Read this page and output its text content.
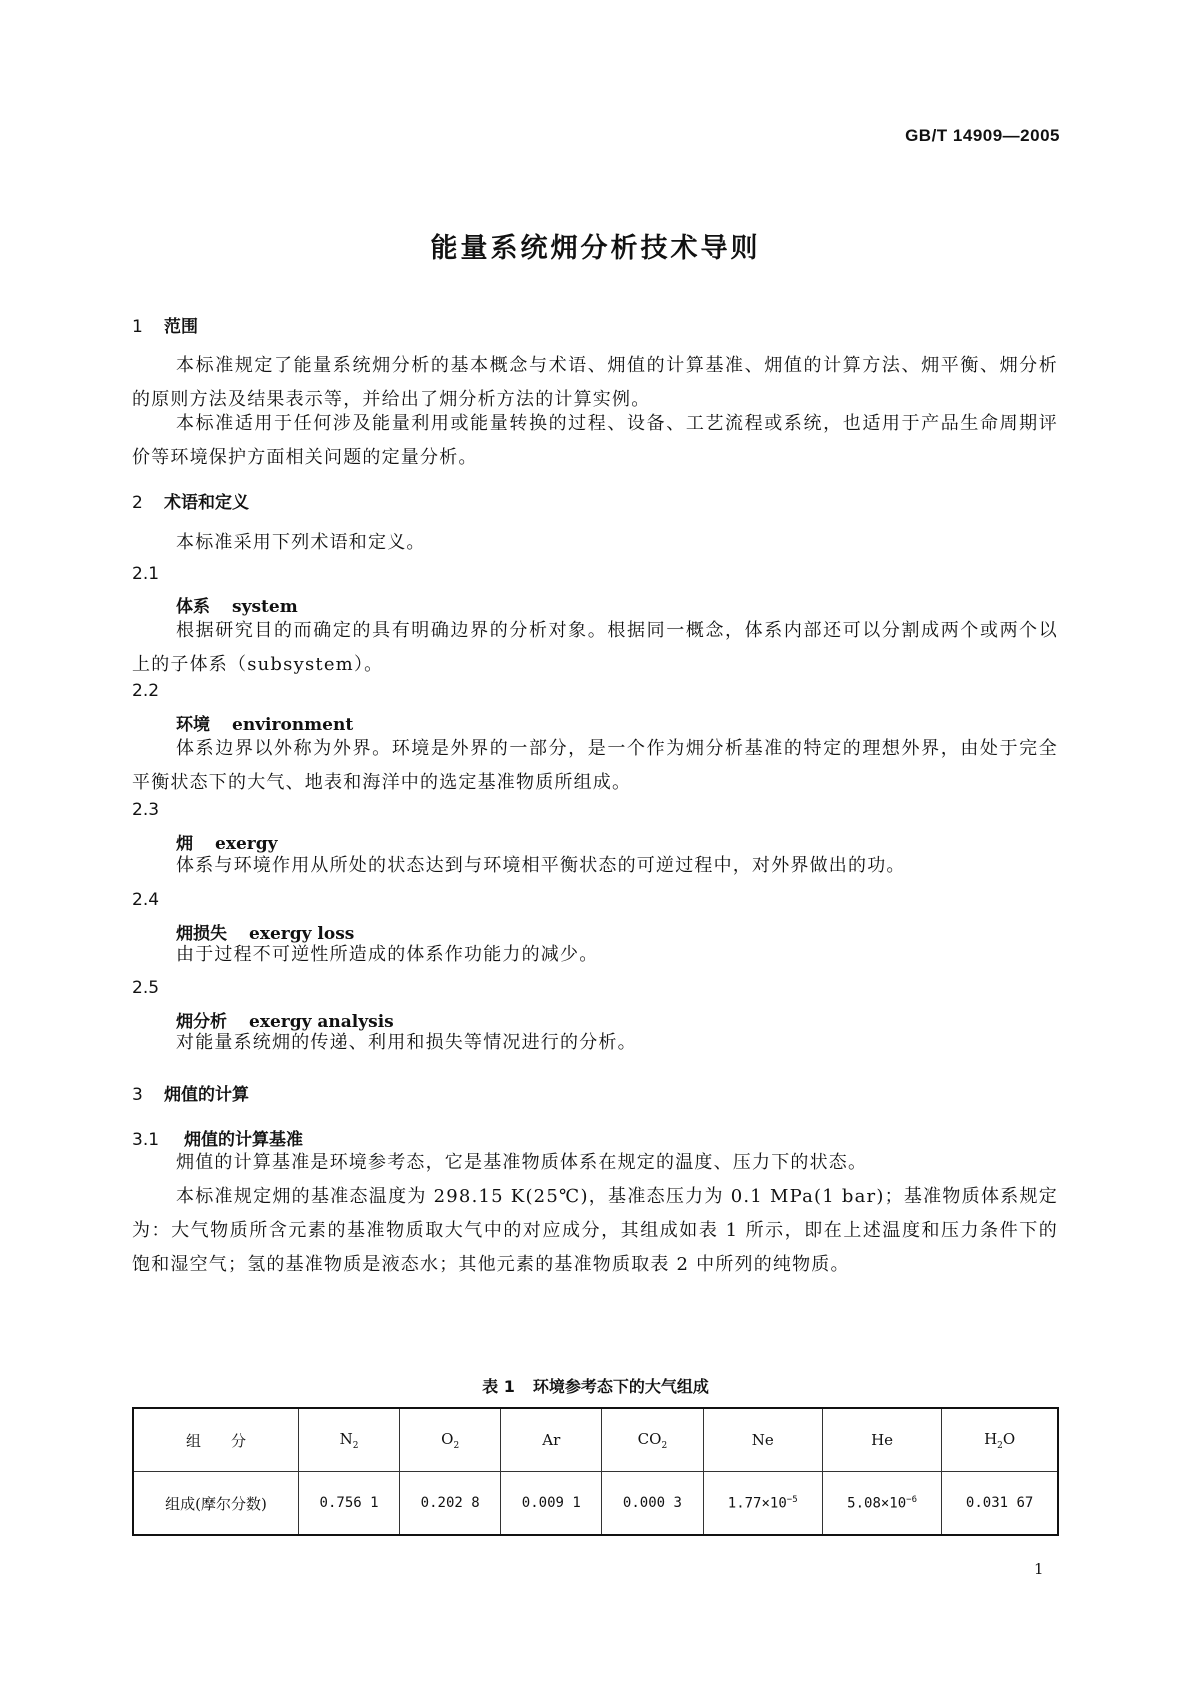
GB/T 14909—2005
能量系统㶲分析技术导则
1 范围
本标准规定了能量系统㶲分析的基本概念与术语、㶲值的计算基准、㶲值的计算方法、㶲平衡、㶲分析的原则方法及结果表示等，并给出了㶲分析方法的计算实例。
本标准适用于任何涉及能量利用或能量转换的过程、设备、工艺流程或系统，也适用于产品生命周期评价等环境保护方面相关问题的定量分析。
2 术语和定义
本标准采用下列术语和定义。
2.1
体系 system
根据研究目的而确定的具有明确边界的分析对象。根据同一概念，体系内部还可以分割成两个或两个以上的子体系（subsystem）。
2.2
环境 environment
体系边界以外称为外界。环境是外界的一部分，是一个作为㶲分析基准的特定的理想外界，由处于完全平衡状态下的大气、地表和海洋中的选定基准物质所组成。
2.3
㶲 exergy
体系与环境作用从所处的状态达到与环境相平衡状态的可逆过程中，对外界做出的功。
2.4
㶲损失 exergy loss
由于过程不可逆性所造成的体系作功能力的减少。
2.5
㶲分析 exergy analysis
对能量系统㶲的传递、利用和损失等情况进行的分析。
3 㶲值的计算
3.1 㶲值的计算基准
㶲值的计算基准是环境参考态，它是基准物质体系在规定的温度、压力下的状态。
本标准规定㶲的基准态温度为 298.15 K(25℃)，基准态压力为 0.1 MPa(1 bar)；基准物质体系规定为：大气物质所含元素的基准物质取大气中的对应成分，其组成如表 1 所示，即在上述温度和压力条件下的饱和湿空气；氢的基准物质是液态水；其他元素的基准物质取表 2 中所列的纯物质。
表 1 环境参考态下的大气组成
组　　分	$N_2$	$O_2$	Ar	$CO_2$	Ne	He	$H_2O$
组成(摩尔分数)	0.756 1	0.202 8	0.009 1	0.000 3	$1.77\times 10^{-5}$	$5.08\times 10^{-6}$	0.031 67
1
